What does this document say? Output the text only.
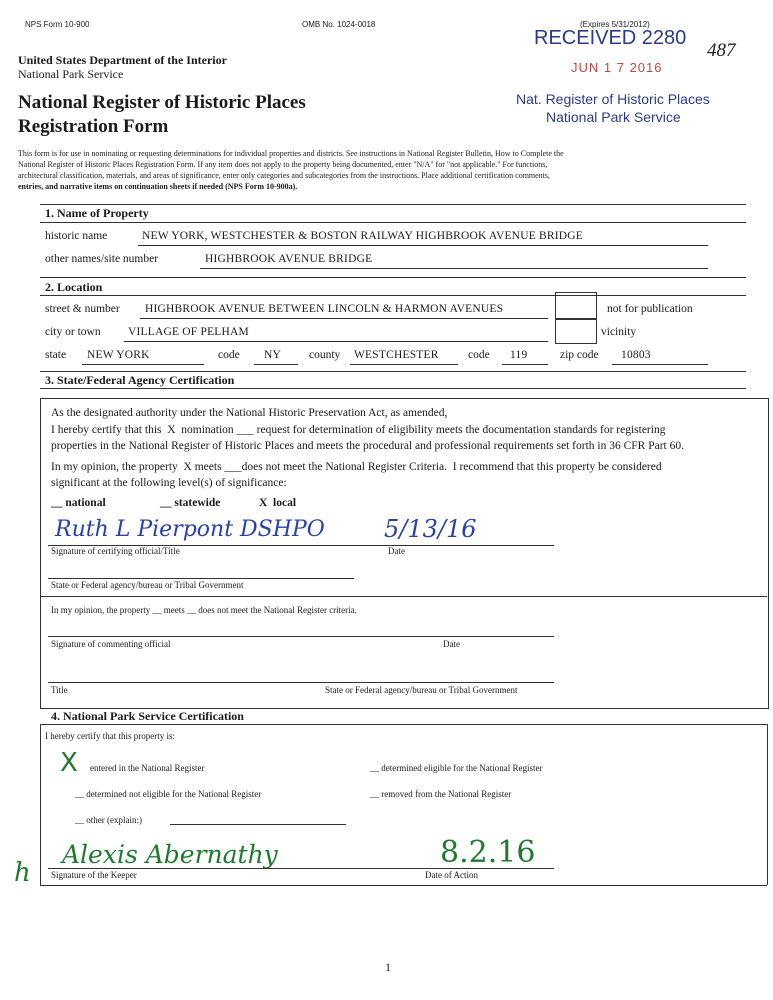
NPS Form 10-900	OMB No. 1024-0018	(Expires 5/31/2012)
United States Department of the Interior
National Park Service
National Register of Historic Places
Registration Form
RECEIVED 2280
JUN 1 7 2016
Nat. Register of Historic Places
National Park Service
487
This form is for use in nominating or requesting determinations for individual properties and districts. See instructions in National Register Bulletin, How to Complete the
National Register of Historic Places Registration Form. If any item does not apply to the property being documented, enter "N/A" for "not applicable." For functions,
architectural classification, materials, and areas of significance, enter only categories and subcategories from the instructions. Place additional certification comments,
entries, and narrative items on continuation sheets if needed (NPS Form 10-900a).
1. Name of Property
historic name	NEW YORK, WESTCHESTER & BOSTON RAILWAY HIGHBROOK AVENUE BRIDGE
other names/site number	HIGHBROOK AVENUE BRIDGE
2. Location
street & number HIGHBROOK AVENUE BETWEEN LINCOLN & HARMON AVENUES	not for publication
city or town VILLAGE OF PELHAM	vicinity
state NEW YORK	code NY county WESTCHESTER	code 119	zip code 10803
3. State/Federal Agency Certification
As the designated authority under the National Historic Preservation Act, as amended,
I hereby certify that this  X  nomination ___ request for determination of eligibility meets the documentation standards for registering
properties in the National Register of Historic Places and meets the procedural and professional requirements set forth in 36 CFR Part 60.
In my opinion, the property  X meets ___does not meet the National Register Criteria.  I recommend that this property be considered
significant at the following level(s) of significance:
__ national	__ statewide	X  local
Ruth L Pierpont DSHPO 5/13/16
Signature of certifying official/Title	Date
State or Federal agency/bureau or Tribal Government
In my opinion, the property __ meets __ does not meet the National Register criteria.
Signature of commenting official	Date
Title	State or Federal agency/bureau or Tribal Government
4. National Park Service Certification
I hereby certify that this property is:
X entered in the National Register	__ determined eligible for the National Register
__ determined not eligible for the National Register	__ removed from the National Register
__ other (explain:)
Alexis Abernathy	8.2.16
h Signature of the Keeper	Date of Action
1
